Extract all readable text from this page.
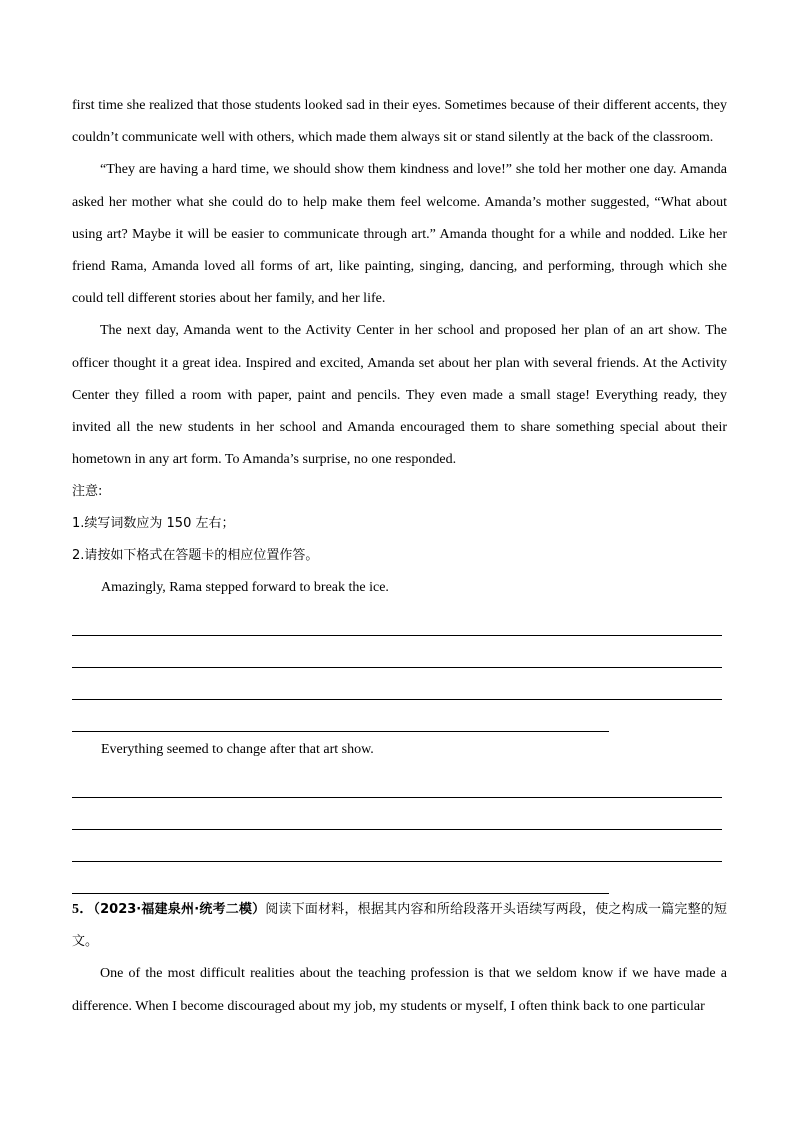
first time she realized that those students looked sad in their eyes. Sometimes because of their different accents, they couldn’t communicate well with others, which made them always sit or stand silently at the back of the classroom.

“They are having a hard time, we should show them kindness and love!” she told her mother one day. Amanda asked her mother what she could do to help make them feel welcome. Amanda’s mother suggested, “What about using art? Maybe it will be easier to communicate through art.” Amanda thought for a while and nodded. Like her friend Rama, Amanda loved all forms of art, like painting, singing, dancing, and performing, through which she could tell different stories about her family, and her life.

The next day, Amanda went to the Activity Center in her school and proposed her plan of an art show. The officer thought it a great idea. Inspired and excited, Amanda set about her plan with several friends. At the Activity Center they filled a room with paper, paint and pencils. They even made a small stage! Everything ready, they invited all the new students in her school and Amanda encouraged them to share something special about their hometown in any art form. To Amanda’s surprise, no one responded.

注意:

1.续写词数应为 150 左右；

2.请按如下格式在答题卡的相应位置作答。

Amazingly, Rama stepped forward to break the ice.

Everything seemed to change after that art show.

5．（2023·福建泉州·统考二模）阅读下面材料，根据其内容和所给段落开头语续写两段，使之构成一篇完整的短文。

One of the most difficult realities about the teaching profession is that we seldom know if we have made a difference. When I become discouraged about my job, my students or myself, I often think back to one particular
